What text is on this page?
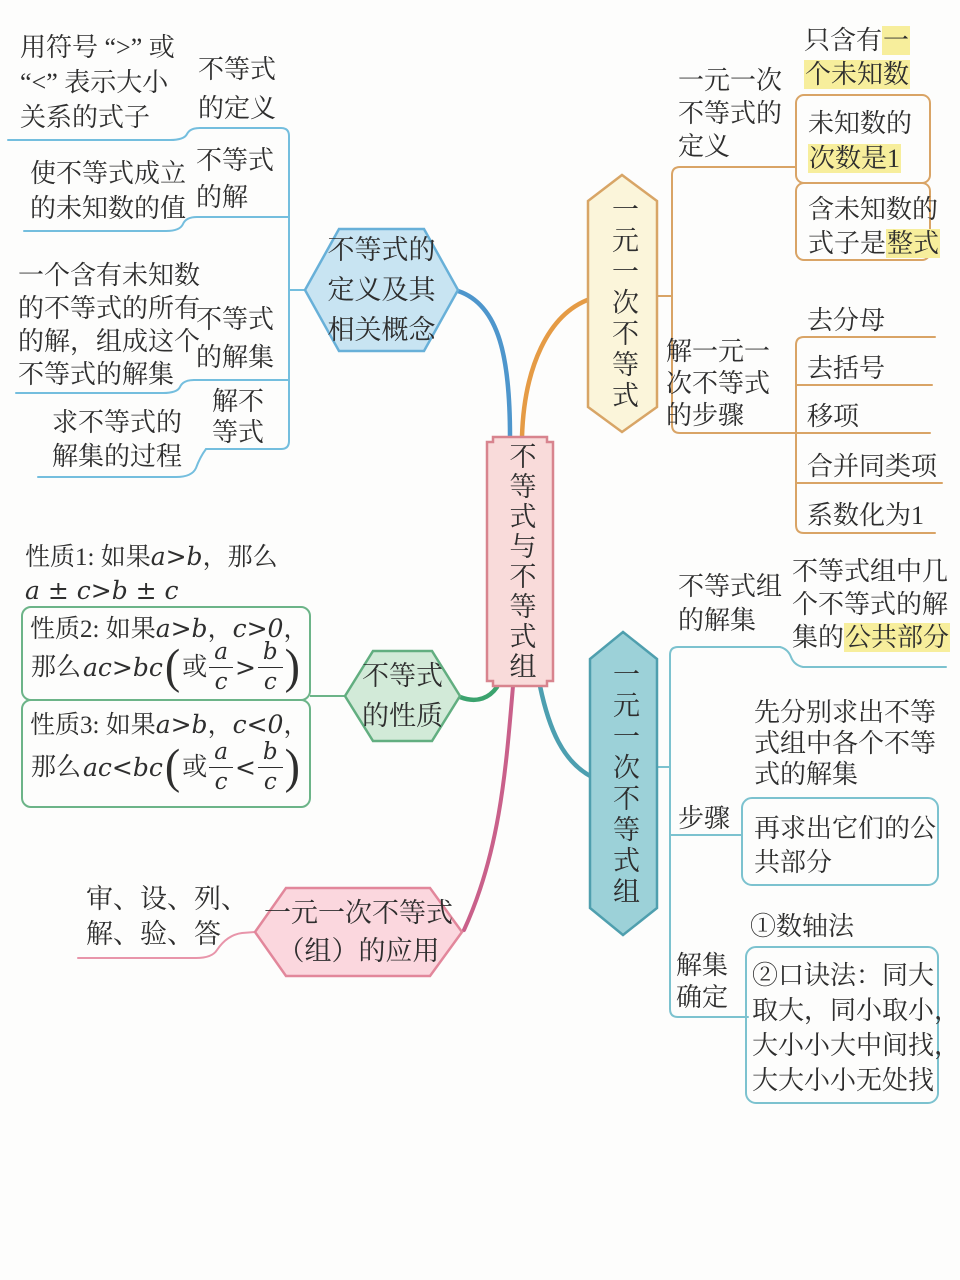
不等式与不等式组
不等式的
定义及其
相关概念
用符号 “>” 或
“<” 表示大小
关系的式子
不等式
的定义
使不等式成立
的未知数的值
不等式
的解
一个含有未知数
的不等式的所有
的解，组成这个
不等式的解集
不等式
的解集
求不等式的
解集的过程
解不
等式
不等式
的性质
性质1: 如果a>b，那么
a ± c>b ± c
性质2: 如果a>b，c>0，
那么 ac>bc ( 或 $\frac{a}{c} > \frac{b}{c}$ )
性质3: 如果a>b，c<0，
那么 ac<bc ( 或 $\frac{a}{c} < \frac{b}{c}$ )
一元一次不等式
（组）的应用
审、设、列、
解、验、答
一元一次不等式
一元一次
不等式的
定义
只含有一
个未知数
未知数的
次数是1
含未知数的
式子是整式
解一元一
次不等式
的步骤
去分母
去括号
移项
合并同类项
系数化为1
一元一次不等式组
不等式组
的解集
不等式组中几
个不等式的解
集的公共部分
步骤
先分别求出不等
式组中各个不等
式的解集
再求出它们的公
共部分
解集
确定
①数轴法
②口诀法：同大
取大，同小取小，
大小小大中间找，
大大小小无处找
